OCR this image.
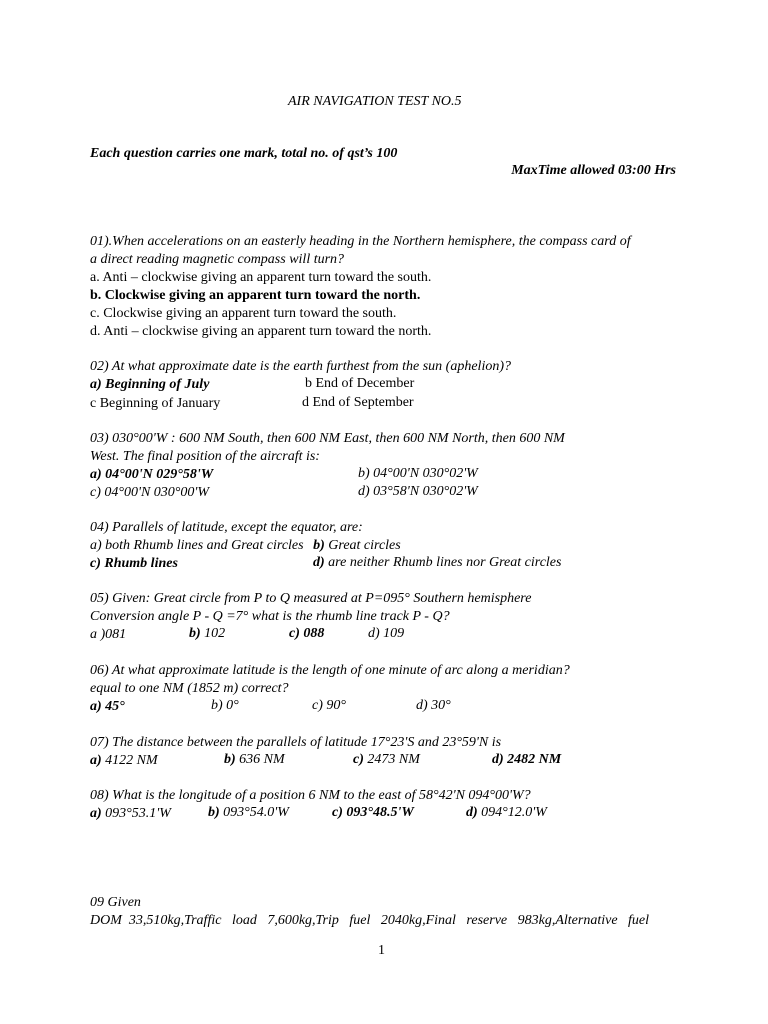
AIR NAVIGATION TEST NO.5
Each question carries one mark, total no. of qst’s 100
MaxTime allowed 03:00 Hrs
01).When accelerations on an easterly heading in the Northern hemisphere, the compass card of
a direct reading magnetic compass will turn?
a. Anti – clockwise giving an apparent turn toward the south.
b. Clockwise giving an apparent turn toward the north.
c. Clockwise giving an apparent turn toward the south.
d. Anti – clockwise giving an apparent turn toward the north.
02) At what approximate date is the earth furthest from the sun (aphelion)?
a) Beginning of July	b End of December
c Beginning of January	d End of September
03) 030°00'W : 600 NM South, then 600 NM East, then 600 NM North, then 600 NM
West. The final position of the aircraft is:
a) 04°00'N 029°58'W	b) 04°00'N 030°02'W
c) 04°00'N 030°00'W	d) 03°58'N 030°02'W
04) Parallels of latitude, except the equator, are:
a) both Rhumb lines and Great circles b) Great circles
c) Rhumb lines	d) are neither Rhumb lines nor Great circles
05) Given: Great circle from P to Q measured at P=095° Southern hemisphere
Conversion angle P - Q =7° what is the rhumb line track P - Q?
a )081	b) 102	c) 088	d) 109
06) At what approximate latitude is the length of one minute of arc along a meridian?
equal to one NM (1852 m) correct?
a) 45°	b) 0°	c) 90°	d) 30°
07) The distance between the parallels of latitude 17°23'S and 23°59'N is
a) 4122 NM	b) 636 NM	c) 2473 NM	d) 2482 NM
08) What is the longitude of a position 6 NM to the east of 58°42'N 094°00'W?
a) 093°53.1'W	b) 093°54.0'W	c) 093°48.5'W	d) 094°12.0'W
09 Given
DOM  33,510kg,Traffic   load   7,600kg,Trip   fuel   2040kg,Final   reserve   983kg,Alternative   fuel
1
